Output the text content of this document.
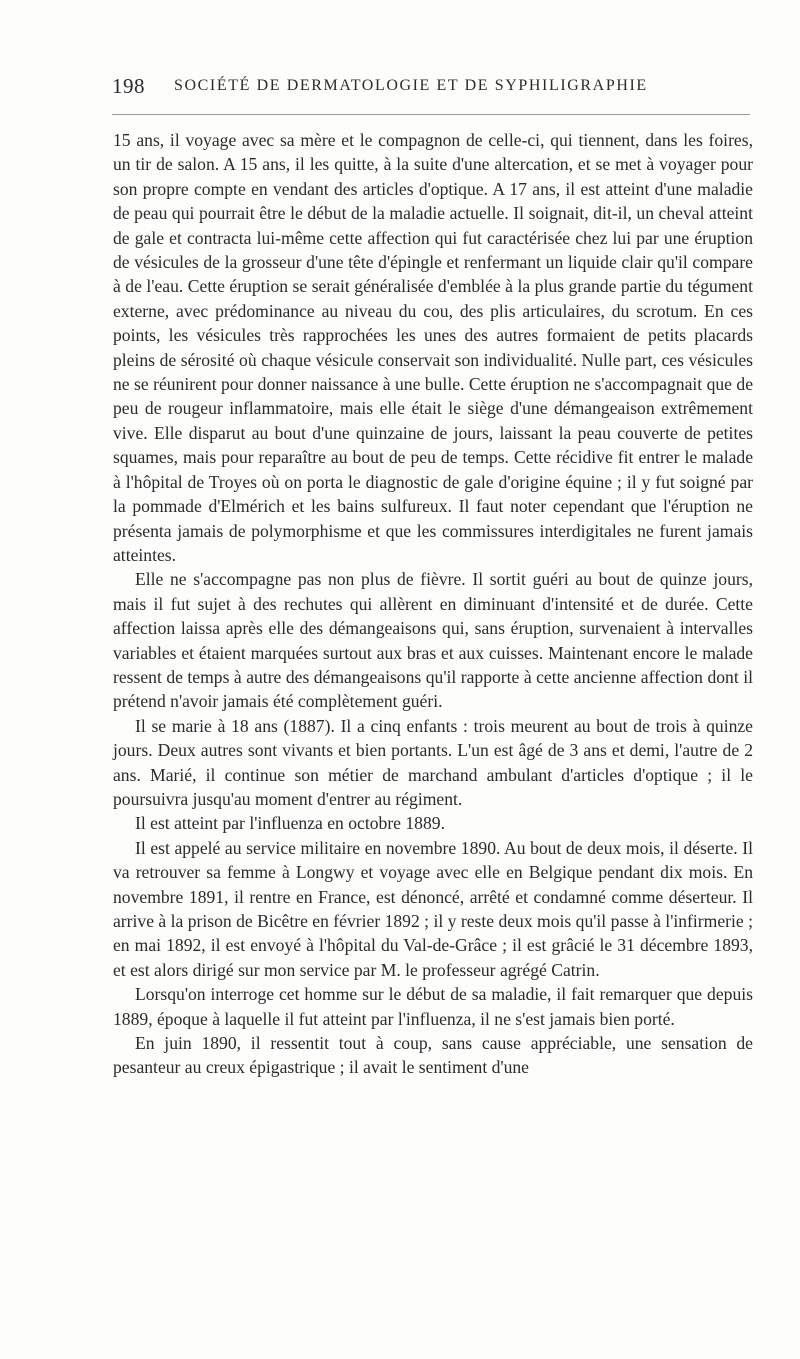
198 SOCIÉTÉ DE DERMATOLOGIE ET DE SYPHILIGRAPHIE

15 ans, il voyage avec sa mère et le compagnon de celle-ci, qui tiennent, dans les foires, un tir de salon. A 15 ans, il les quitte, à la suite d'une altercation, et se met à voyager pour son propre compte en vendant des articles d'optique. A 17 ans, il est atteint d'une maladie de peau qui pourrait être le début de la maladie actuelle. Il soignait, dit-il, un cheval atteint de gale et contracta lui-même cette affection qui fut caractérisée chez lui par une éruption de vésicules de la grosseur d'une tête d'épingle et renfermant un liquide clair qu'il compare à de l'eau. Cette éruption se serait généralisée d'emblée à la plus grande partie du tégument externe, avec prédominance au niveau du cou, des plis articulaires, du scrotum. En ces points, les vésicules très rapprochées les unes des autres formaient de petits placards pleins de sérosité où chaque vésicule conservait son individualité. Nulle part, ces vésicules ne se réunirent pour donner naissance à une bulle. Cette éruption ne s'accompagnait que de peu de rougeur inflammatoire, mais elle était le siège d'une démangeaison extrêmement vive. Elle disparut au bout d'une quinzaine de jours, laissant la peau couverte de petites squames, mais pour reparaître au bout de peu de temps. Cette récidive fit entrer le malade à l'hôpital de Troyes où on porta le diagnostic de gale d'origine équine ; il y fut soigné par la pommade d'Elmérich et les bains sulfureux. Il faut noter cependant que l'éruption ne présenta jamais de polymorphisme et que les commissures interdigitales ne furent jamais atteintes.

Elle ne s'accompagne pas non plus de fièvre. Il sortit guéri au bout de quinze jours, mais il fut sujet à des rechutes qui allèrent en diminuant d'intensité et de durée. Cette affection laissa après elle des démangeaisons qui, sans éruption, survenaient à intervalles variables et étaient marquées surtout aux bras et aux cuisses. Maintenant encore le malade ressent de temps à autre des démangeaisons qu'il rapporte à cette ancienne affection dont il prétend n'avoir jamais été complètement guéri.

Il se marie à 18 ans (1887). Il a cinq enfants : trois meurent au bout de trois à quinze jours. Deux autres sont vivants et bien portants. L'un est âgé de 3 ans et demi, l'autre de 2 ans. Marié, il continue son métier de marchand ambulant d'articles d'optique ; il le poursuivra jusqu'au moment d'entrer au régiment.

Il est atteint par l'influenza en octobre 1889.

Il est appelé au service militaire en novembre 1890. Au bout de deux mois, il déserte. Il va retrouver sa femme à Longwy et voyage avec elle en Belgique pendant dix mois. En novembre 1891, il rentre en France, est dénoncé, arrêté et condamné comme déserteur. Il arrive à la prison de Bicêtre en février 1892 ; il y reste deux mois qu'il passe à l'infirmerie ; en mai 1892, il est envoyé à l'hôpital du Val-de-Grâce ; il est grâcié le 31 décembre 1893, et est alors dirigé sur mon service par M. le professeur agrégé Catrin.

Lorsqu'on interroge cet homme sur le début de sa maladie, il fait remarquer que depuis 1889, époque à laquelle il fut atteint par l'influenza, il ne s'est jamais bien porté.

En juin 1890, il ressentit tout à coup, sans cause appréciable, une sensation de pesanteur au creux épigastrique ; il avait le sentiment d'une
